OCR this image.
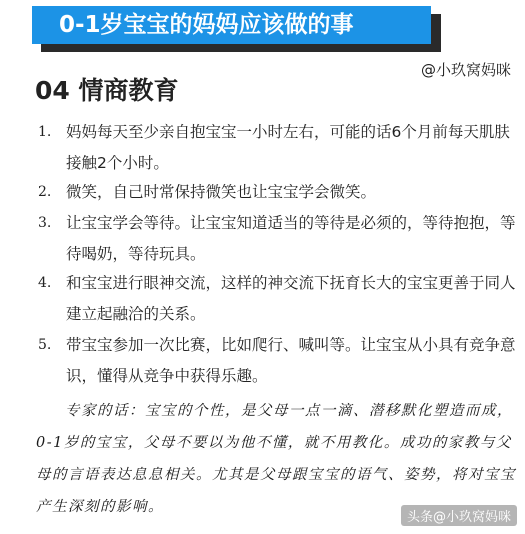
0-1岁宝宝的妈妈应该做的事
@小玖窝妈咪
04 情商教育
1. 妈妈每天至少亲自抱宝宝一小时左右，可能的话6个月前每天肌肤接触2个小时。
2. 微笑，自己时常保持微笑也让宝宝学会微笑。
3. 让宝宝学会等待。让宝宝知道适当的等待是必须的，等待抱抱，等待喝奶，等待玩具。
4. 和宝宝进行眼神交流，这样的神交流下抚育长大的宝宝更善于同人建立起融洽的关系。
5. 带宝宝参加一次比赛，比如爬行、喊叫等。让宝宝从小具有竞争意识，懂得从竞争中获得乐趣。
专家的话：宝宝的个性，是父母一点一滴、潜移默化塑造而成，0-1岁的宝宝，父母不要以为他不懂，就不用教化。成功的家教与父母的言语表达息息相关。尤其是父母跟宝宝的语气、姿势，将对宝宝产生深刻的影响。
头条@小玖窝妈咪
